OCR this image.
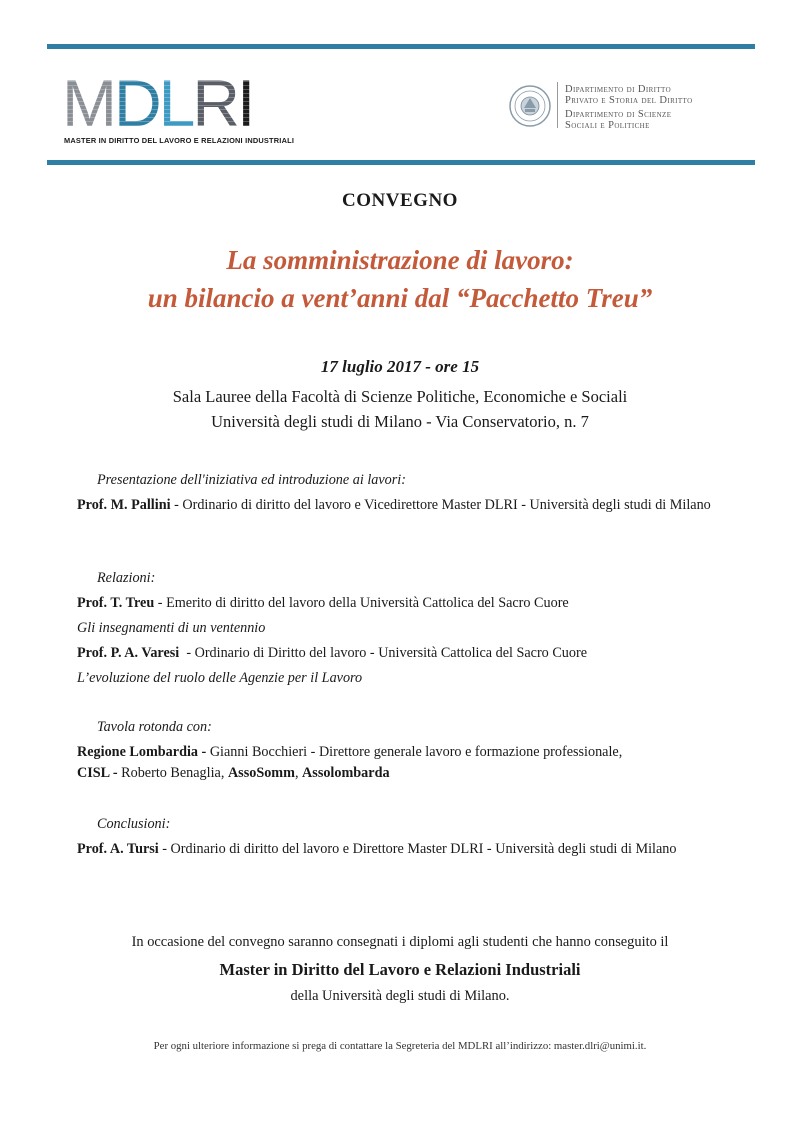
MDLRI
MASTER IN DIRITTO DEL LAVORO E RELAZIONI INDUSTRIALI
Dipartimento di Diritto
Privato e Storia del Diritto
Dipartimento di Scienze
Sociali e Politiche
CONVEGNO
La somministrazione di lavoro:
un bilancio a vent’anni dal “Pacchetto Treu”
17 luglio 2017 - ore 15
Sala Lauree della Facoltà di Scienze Politiche, Economiche e Sociali
Università degli studi di Milano - Via Conservatorio, n. 7
Presentazione dell'iniziativa ed introduzione ai lavori:
Prof. M. Pallini - Ordinario di diritto del lavoro e Vicedirettore Master DLRI - Università degli studi di Milano
Relazioni:
Prof. T. Treu - Emerito di diritto del lavoro della Università Cattolica del Sacro Cuore
Gli insegnamenti di un ventennio
Prof. P. A. Varesi  - Ordinario di Diritto del lavoro - Università Cattolica del Sacro Cuore
L’evoluzione del ruolo delle Agenzie per il Lavoro
Tavola rotonda con:
Regione Lombardia - Gianni Bocchieri - Direttore generale lavoro e formazione professionale,
CISL - Roberto Benaglia, AssoSomm, Assolombarda
Conclusioni:
Prof. A. Tursi - Ordinario di diritto del lavoro e Direttore Master DLRI - Università degli studi di Milano
In occasione del convegno saranno consegnati i diplomi agli studenti che hanno conseguito il
Master in Diritto del Lavoro e Relazioni Industriali
della Università degli studi di Milano.
Per ogni ulteriore informazione si prega di contattare la Segreteria del MDLRI all’indirizzo: master.dlri@unimi.it.
